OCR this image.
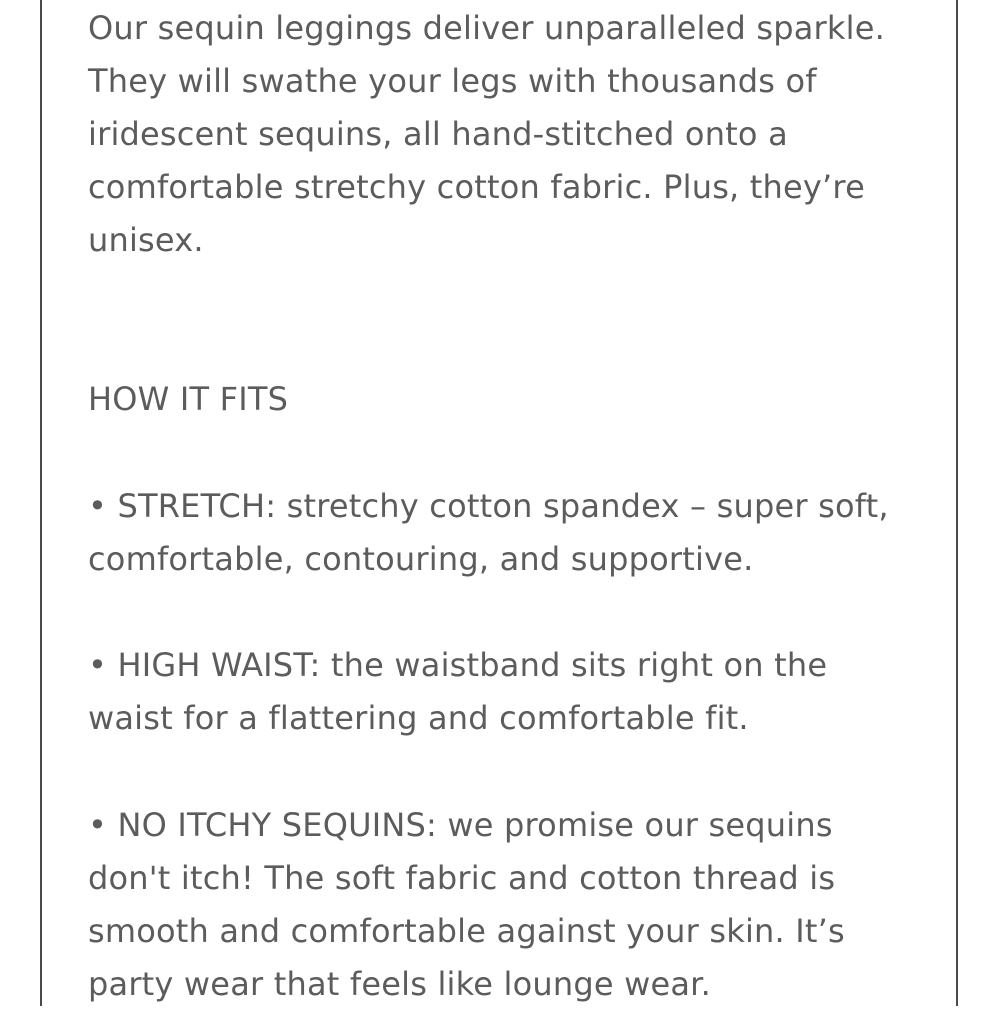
Our sequin leggings deliver unparalleled sparkle. They will swathe your legs with thousands of iridescent sequins, all hand-stitched onto a comfortable stretchy cotton fabric. Plus, they’re unisex.

HOW IT FITS

• STRETCH: stretchy cotton spandex – super soft, comfortable, contouring, and supportive.

• HIGH WAIST: the waistband sits right on the waist for a flattering and comfortable fit.

• NO ITCHY SEQUINS: we promise our sequins don't itch! The soft fabric and cotton thread is smooth and comfortable against your skin. It’s party wear that feels like lounge wear.
